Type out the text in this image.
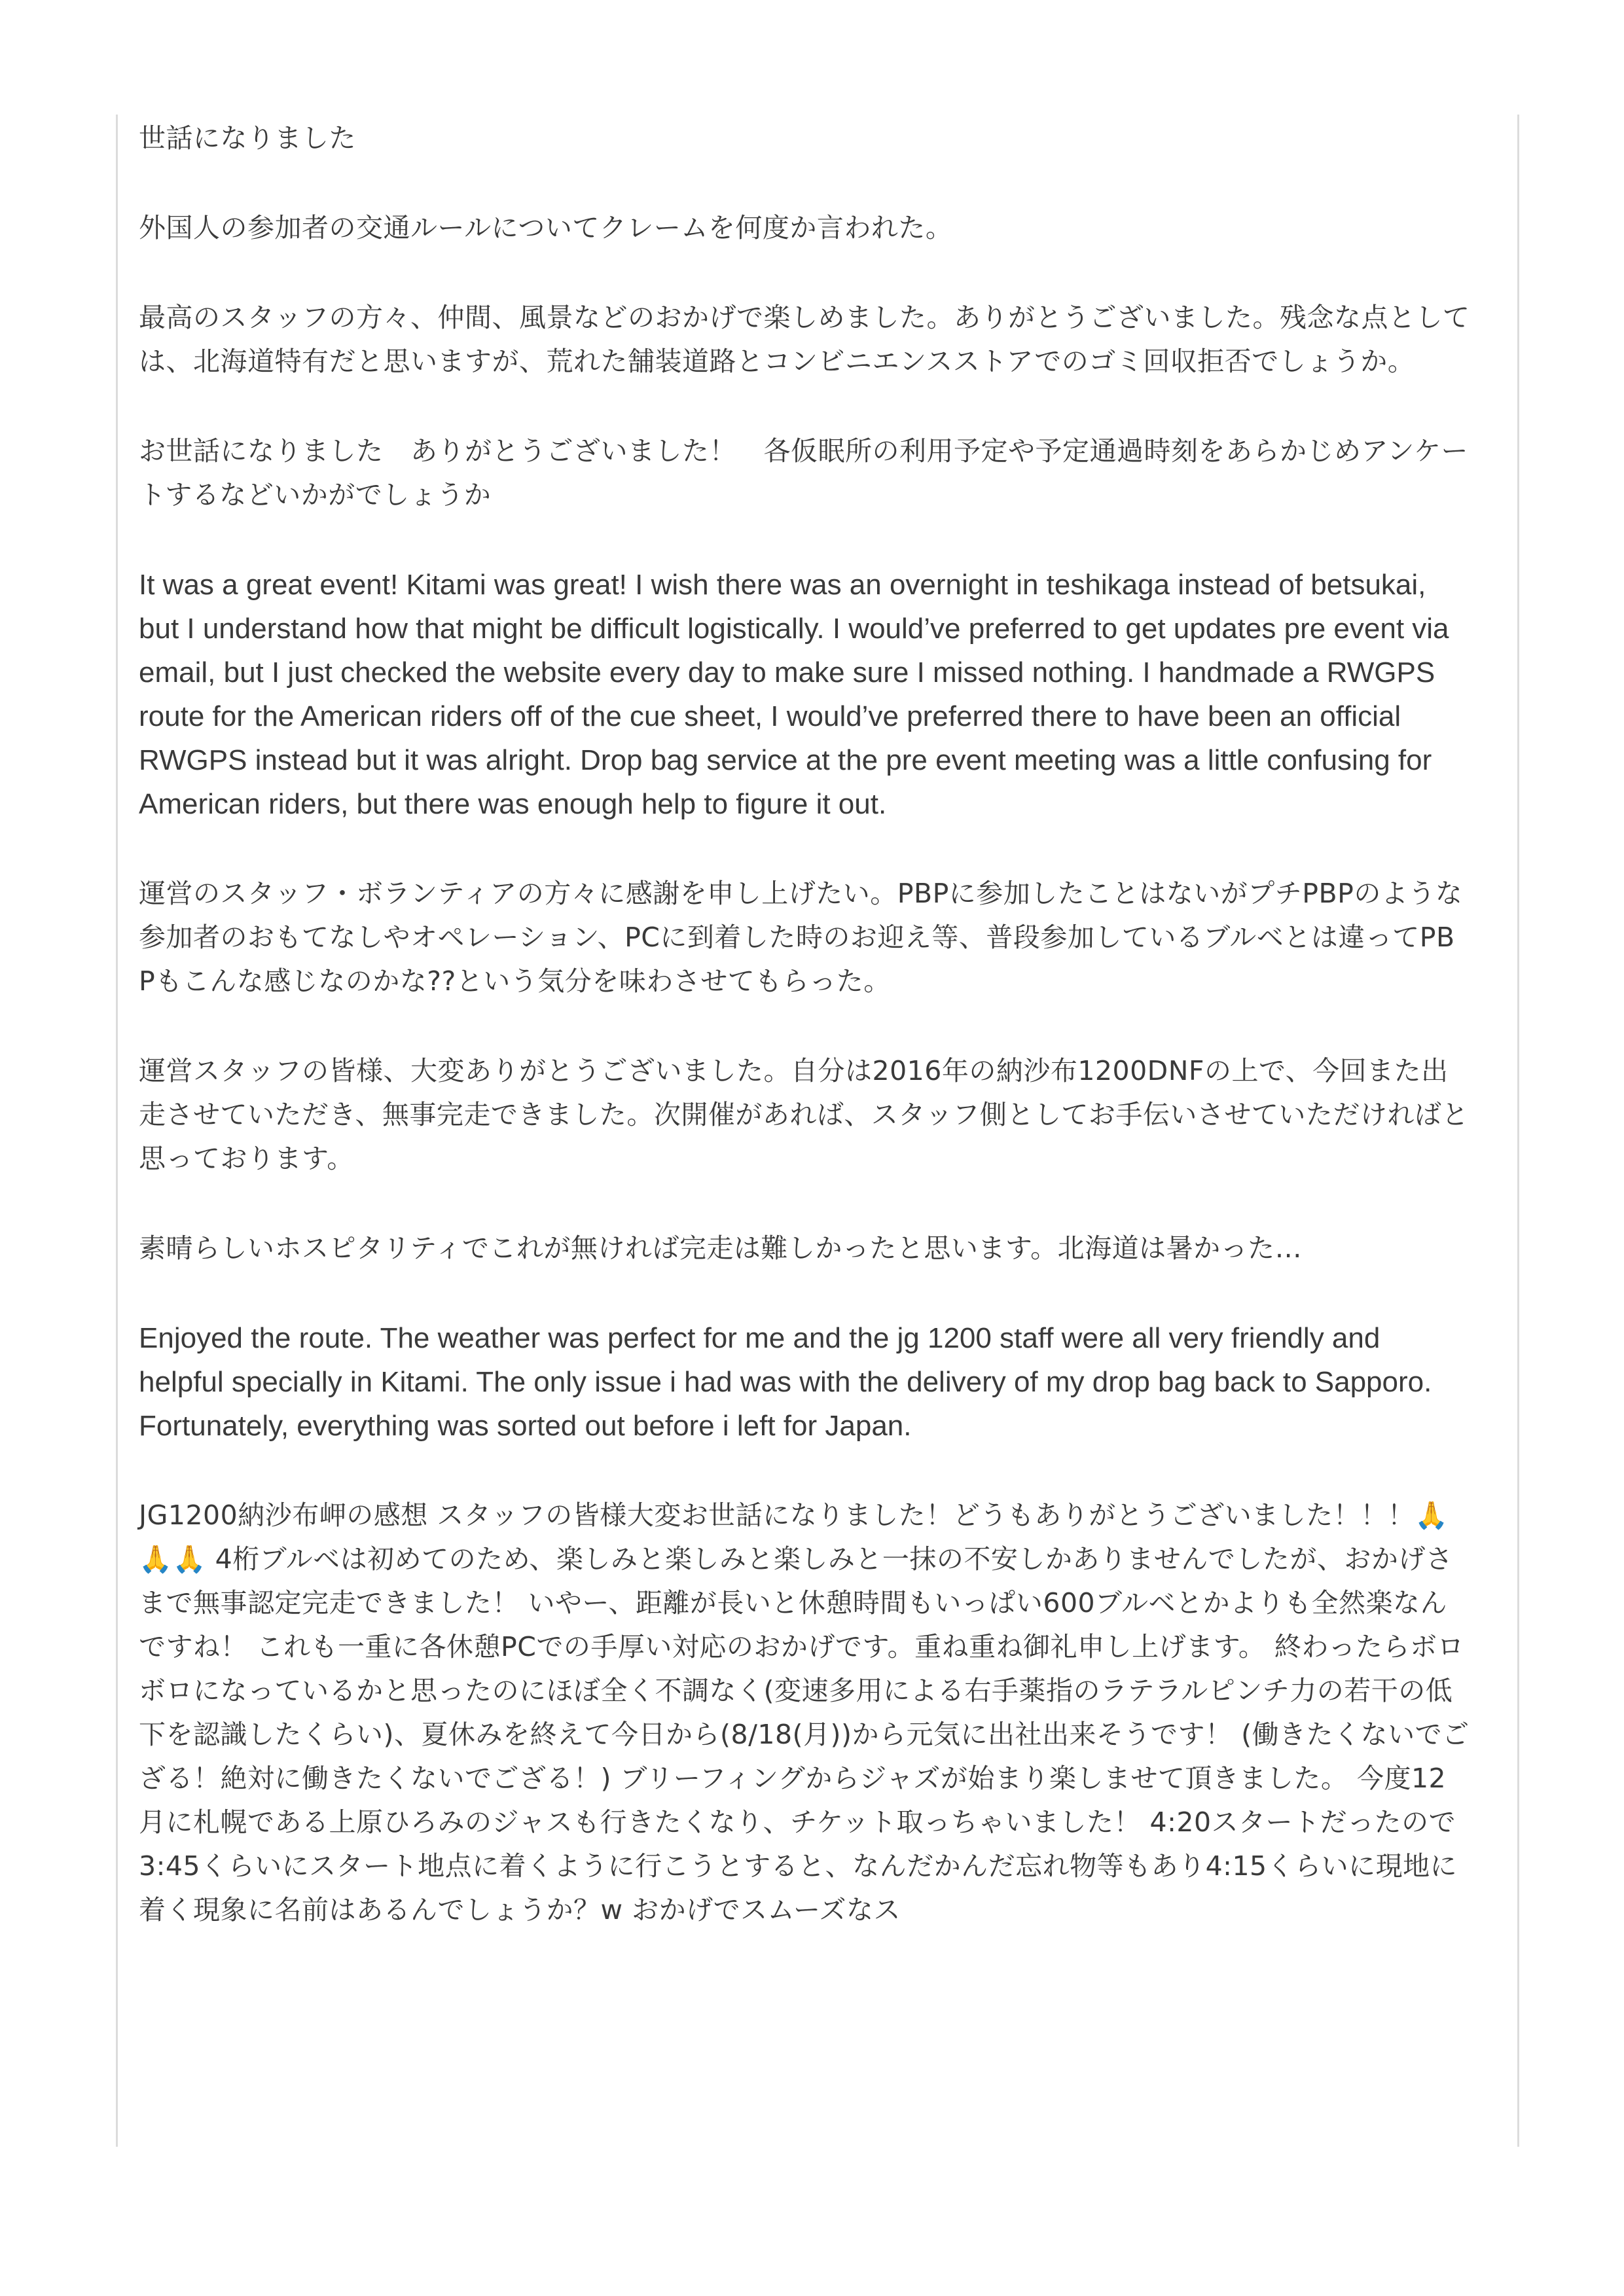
世話になりました

外国人の参加者の交通ルールについてクレームを何度か言われた。

最高のスタッフの方々、仲間、風景などのおかげで楽しめました。ありがとうございました。残念な点としては、北海道特有だと思いますが、荒れた舗装道路とコンビニエンスストアでのゴミ回収拒否でしょうか。

お世話になりました　ありがとうございました！　各仮眠所の利用予定や予定通過時刻をあらかじめアンケートするなどいかがでしょうか

It was a great event! Kitami was great! I wish there was an overnight in teshikaga instead of betsukai, but I understand how that might be difficult logistically. I would’ve preferred to get updates pre event via email, but I just checked the website every day to make sure I missed nothing. I handmade a RWGPS route for the American riders off of the cue sheet, I would’ve preferred there to have been an official RWGPS instead but it was alright. Drop bag service at the pre event meeting was a little confusing for American riders, but there was enough help to figure it out.

運営のスタッフ・ボランティアの方々に感謝を申し上げたい。PBPに参加したことはないがプチPBPのような参加者のおもてなしやオペレーション、PCに到着した時のお迎え等、普段参加しているブルベとは違ってPBPもこんな感じなのかな??という気分を味わさせてもらった。

運営スタッフの皆様、大変ありがとうございました。自分は2016年の納沙布1200DNFの上で、今回また出走させていただき、無事完走できました。次開催があれば、スタッフ側としてお手伝いさせていただければと思っております。

素晴らしいホスピタリティでこれが無ければ完走は難しかったと思います。北海道は暑かった…

Enjoyed the route. The weather was perfect for me and the jg 1200 staff were all very friendly and helpful specially in Kitami. The only issue i had was with the delivery of my drop bag back to Sapporo. Fortunately, everything was sorted out before i left for Japan.

JG1200納沙布岬の感想 スタッフの皆様大変お世話になりました！どうもありがとうございました！！！🙏🙏🙏 4桁ブルベは初めてのため、楽しみと楽しみと楽しみと一抹の不安しかありませんでしたが、おかげさまで無事認定完走できました！ いやー、距離が長いと休憩時間もいっぱい600ブルベとかよりも全然楽なんですね！ これも一重に各休憩PCでの手厚い対応のおかげです。重ね重ね御礼申し上げます。 終わったらボロボロになっているかと思ったのにほぼ全く不調なく(変速多用による右手薬指のラテラルピンチ力の若干の低下を認識したくらい)、夏休みを終えて今日から(8/18(月))から元気に出社出来そうです！ (働きたくないでござる！絶対に働きたくないでござる！) ブリーフィングからジャズが始まり楽しませて頂きました。 今度12月に札幌である上原ひろみのジャスも行きたくなり、チケット取っちゃいました！ 4:20スタートだったので3:45くらいにスタート地点に着くように行こうとすると、なんだかんだ忘れ物等もあり4:15くらいに現地に着く現象に名前はあるんでしょうか？w おかげでスムーズなス
